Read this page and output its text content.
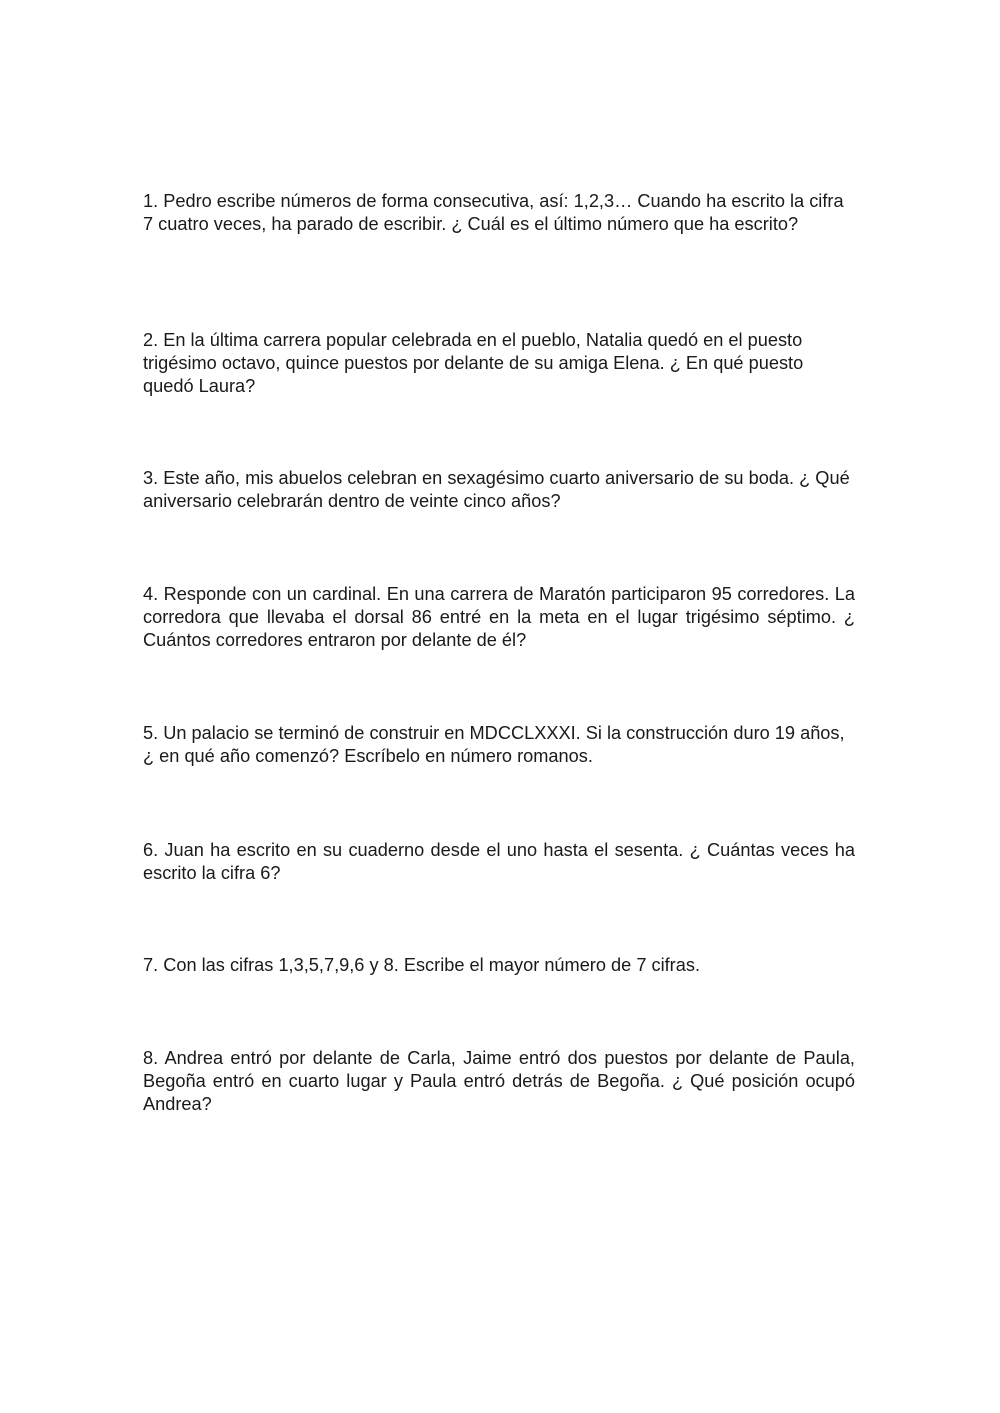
1. Pedro escribe números de forma consecutiva, así: 1,2,3… Cuando ha escrito la cifra 7 cuatro veces, ha parado de escribir. ¿ Cuál es el último número que ha escrito?

2. En la última carrera popular celebrada en el pueblo, Natalia quedó en el puesto trigésimo octavo, quince puestos por delante de su amiga Elena. ¿ En qué puesto quedó Laura?

3. Este año, mis abuelos celebran en sexagésimo cuarto aniversario de su boda. ¿ Qué aniversario celebrarán dentro de veinte cinco años?

4. Responde con un cardinal. En una carrera de Maratón participaron 95 corredores. La corredora que llevaba el dorsal 86 entré en la meta en el lugar trigésimo séptimo. ¿ Cuántos corredores entraron por delante de él?

5. Un palacio se terminó de construir en MDCCLXXXI. Si la construcción duro 19 años, ¿ en qué año comenzó? Escríbelo en número romanos.

6. Juan ha escrito en su cuaderno desde el uno hasta el sesenta. ¿ Cuántas veces ha escrito la cifra 6?

7. Con las cifras 1,3,5,7,9,6 y 8. Escribe el mayor número de 7 cifras.

8. Andrea entró por delante de Carla, Jaime entró dos puestos por delante de Paula, Begoña entró en cuarto lugar y Paula entró detrás de Begoña. ¿ Qué posición ocupó Andrea?
